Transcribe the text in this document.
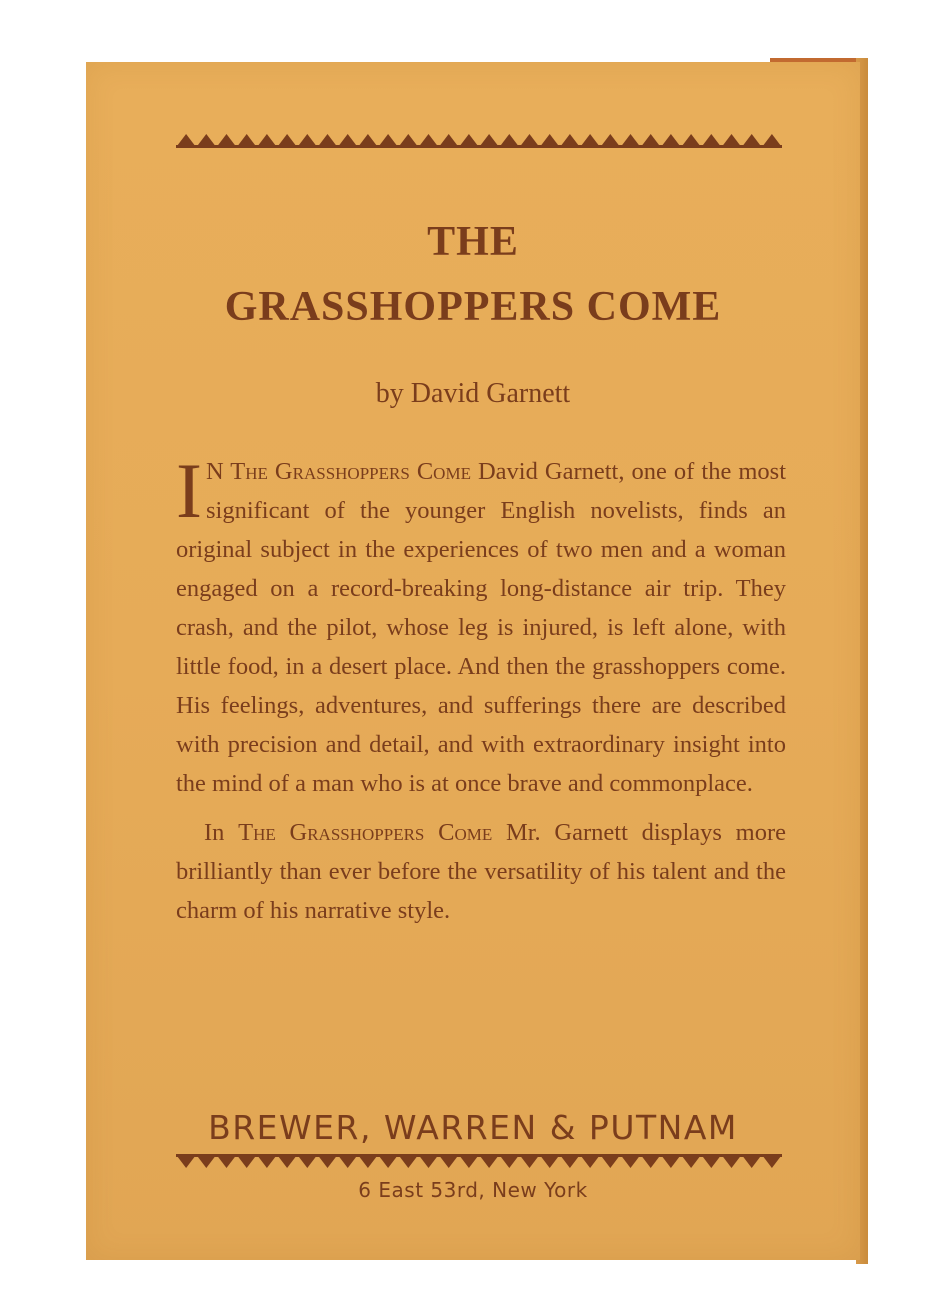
THE
GRASSHOPPERS COME

by David Garnett

I N The Grasshoppers Come David Garnett, one of the most significant of the younger English novelists, finds an original subject in the experiences of two men and a woman engaged on a record-breaking long-distance air trip. They crash, and the pilot, whose leg is injured, is left alone, with little food, in a desert place. And then the grasshoppers come. His feelings, adventures, and sufferings there are described with precision and detail, and with extraordinary insight into the mind of a man who is at once brave and commonplace.

In The Grasshoppers Come Mr. Garnett displays more brilliantly than ever before the versatility of his talent and the charm of his narrative style.

BREWER, WARREN & PUTNAM

6 East 53rd, New York
